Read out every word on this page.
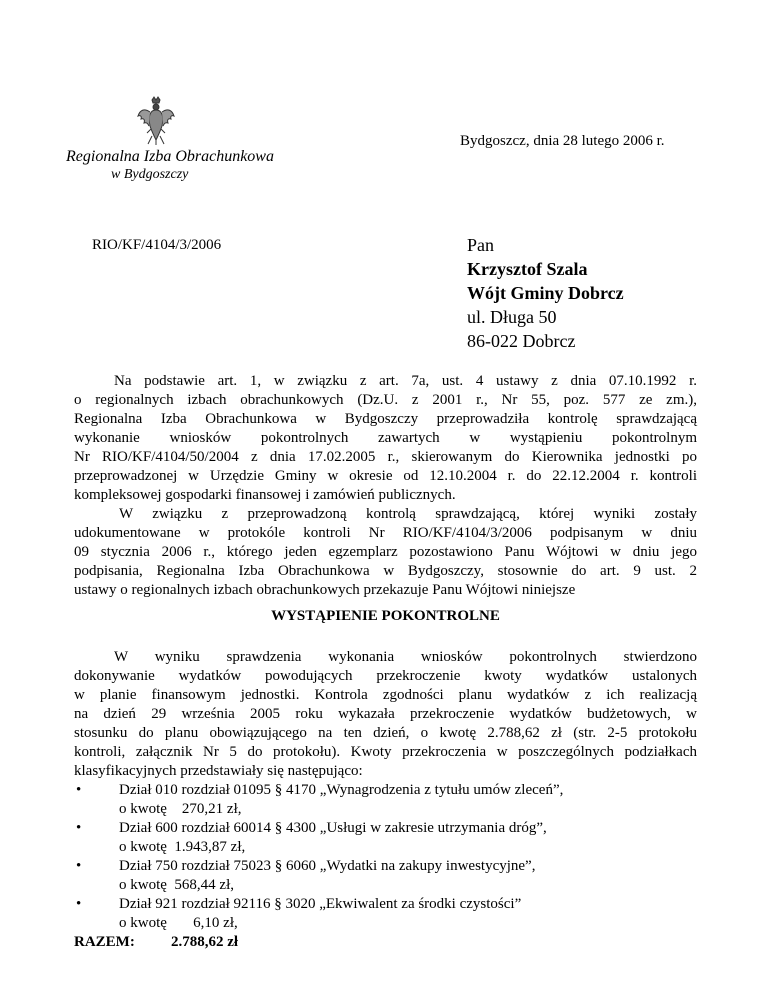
Regionalna Izba Obrachunkowa
w Bydgoszczy
Bydgoszcz, dnia 28 lutego 2006 r.
RIO/KF/4104/3/2006	Pan
Krzysztof Szala
Wójt Gminy Dobrcz
ul. Długa 50
86-022 Dobrcz
Na podstawie art. 1, w związku z art. 7a, ust. 4 ustawy z dnia 07.10.1992 r.
o regionalnych izbach obrachunkowych (Dz.U. z 2001 r., Nr 55, poz. 577 ze zm.),
Regionalna Izba Obrachunkowa w Bydgoszczy przeprowadziła kontrolę sprawdzającą
wykonanie wniosków pokontrolnych zawartych w wystąpieniu pokontrolnym
Nr RIO/KF/4104/50/2004 z dnia 17.02.2005 r., skierowanym do Kierownika jednostki po
przeprowadzonej w Urzędzie Gminy w okresie od 12.10.2004 r. do 22.12.2004 r. kontroli
kompleksowej gospodarki finansowej i zamówień publicznych.
W związku z przeprowadzoną kontrolą sprawdzającą, której wyniki zostały
udokumentowane w protokóle kontroli Nr RIO/KF/4104/3/2006 podpisanym w dniu
09 stycznia 2006 r., którego jeden egzemplarz pozostawiono Panu Wójtowi w dniu jego
podpisania, Regionalna Izba Obrachunkowa w Bydgoszczy, stosownie do art. 9 ust. 2
ustawy o regionalnych izbach obrachunkowych przekazuje Panu Wójtowi niniejsze
WYSTĄPIENIE POKONTROLNE
W wyniku sprawdzenia wykonania wniosków pokontrolnych stwierdzono
dokonywanie wydatków powodujących przekroczenie kwoty wydatków ustalonych
w planie finansowym jednostki. Kontrola zgodności planu wydatków z ich realizacją
na dzień 29 września 2005 roku wykazała przekroczenie wydatków budżetowych, w
stosunku do planu obowiązującego na ten dzień, o kwotę 2.788,62 zł (str. 2-5 protokołu
kontroli, załącznik Nr 5 do protokołu). Kwoty przekroczenia w poszczególnych podziałkach
klasyfikacyjnych przedstawiały się następująco:
•	Dział 010 rozdział 01095 § 4170 „Wynagrodzenia z tytułu umów zleceń”,
o kwotę    270,21 zł,
•	Dział 600 rozdział 60014 § 4300 „Usługi w zakresie utrzymania dróg”,
o kwotę  1.943,87 zł,
•	Dział 750 rozdział 75023 § 6060 „Wydatki na zakupy inwestycyjne”,
o kwotę  568,44 zł,
•	Dział 921 rozdział 92116 § 3020 „Ekwiwalent za środki czystości”
o kwotę       6,10 zł,
RAZEM: 2.788,62 zł
